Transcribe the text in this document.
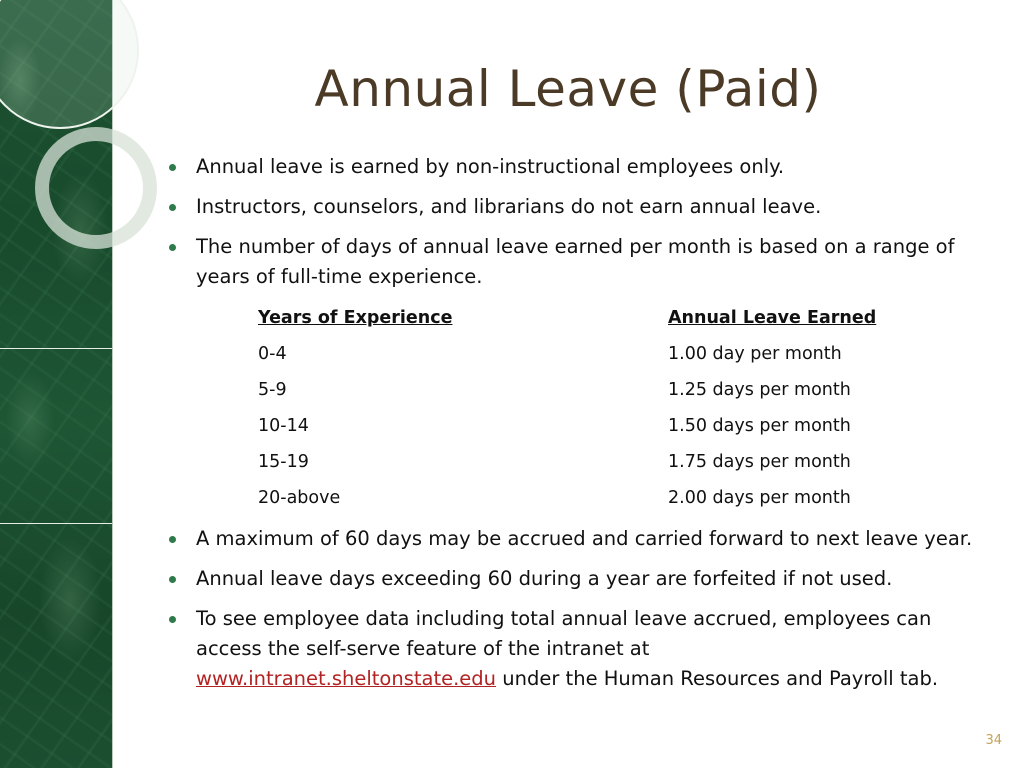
Annual Leave (Paid)
Annual leave is earned by non-instructional employees only.
Instructors, counselors, and librarians do not earn annual leave.
The number of days of annual leave earned per month is based on a range of years of full-time experience.
Years of Experience	Annual Leave Earned
0-4	1.00 day per month
5-9	1.25 days per month
10-14	1.50 days per month
15-19	1.75 days per month
20-above	2.00 days per month
A maximum of 60 days may be accrued and carried forward to next leave year.
Annual leave days exceeding 60 during a year are forfeited if not used.
To see employee data including total annual leave accrued, employees can access the self-serve feature of the intranet at
www.intranet.sheltonstate.edu under the Human Resources and Payroll tab.
34
